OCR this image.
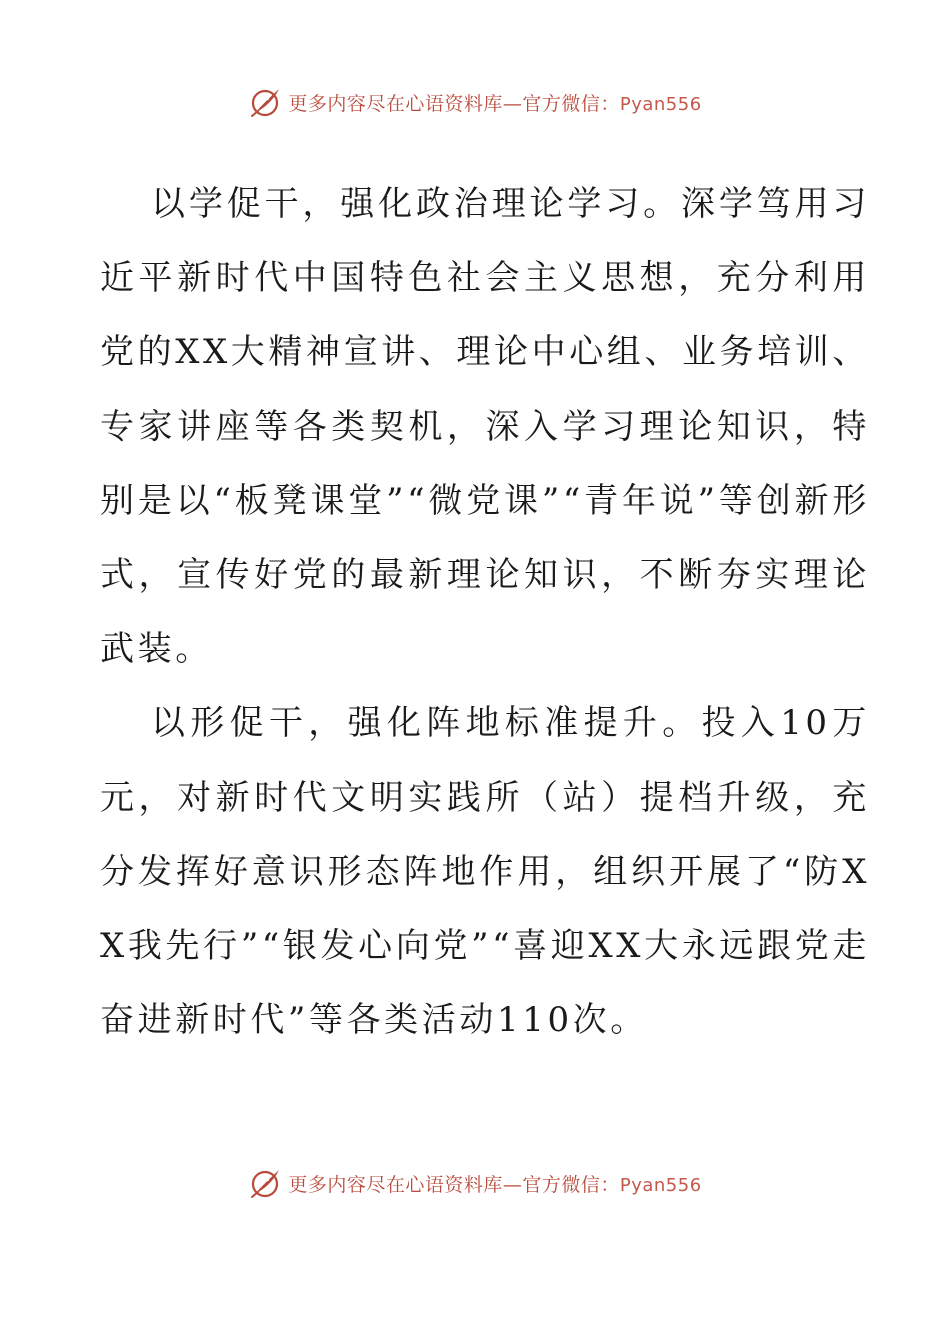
更多内容尽在心语资料库—官方微信：Pyan556

以学促干，强化政治理论学习。深学笃用习近平新时代中国特色社会主义思想，充分利用党的XX大精神宣讲、理论中心组、业务培训、专家讲座等各类契机，深入学习理论知识，特别是以“板凳课堂”“微党课”“青年说”等创新形式，宣传好党的最新理论知识，不断夯实理论武装。

以形促干，强化阵地标准提升。投入10万元，对新时代文明实践所（站）提档升级，充分发挥好意识形态阵地作用，组织开展了“防XX我先行”“银发心向党”“喜迎XX大永远跟党走奋进新时代”等各类活动110次。

更多内容尽在心语资料库—官方微信：Pyan556
